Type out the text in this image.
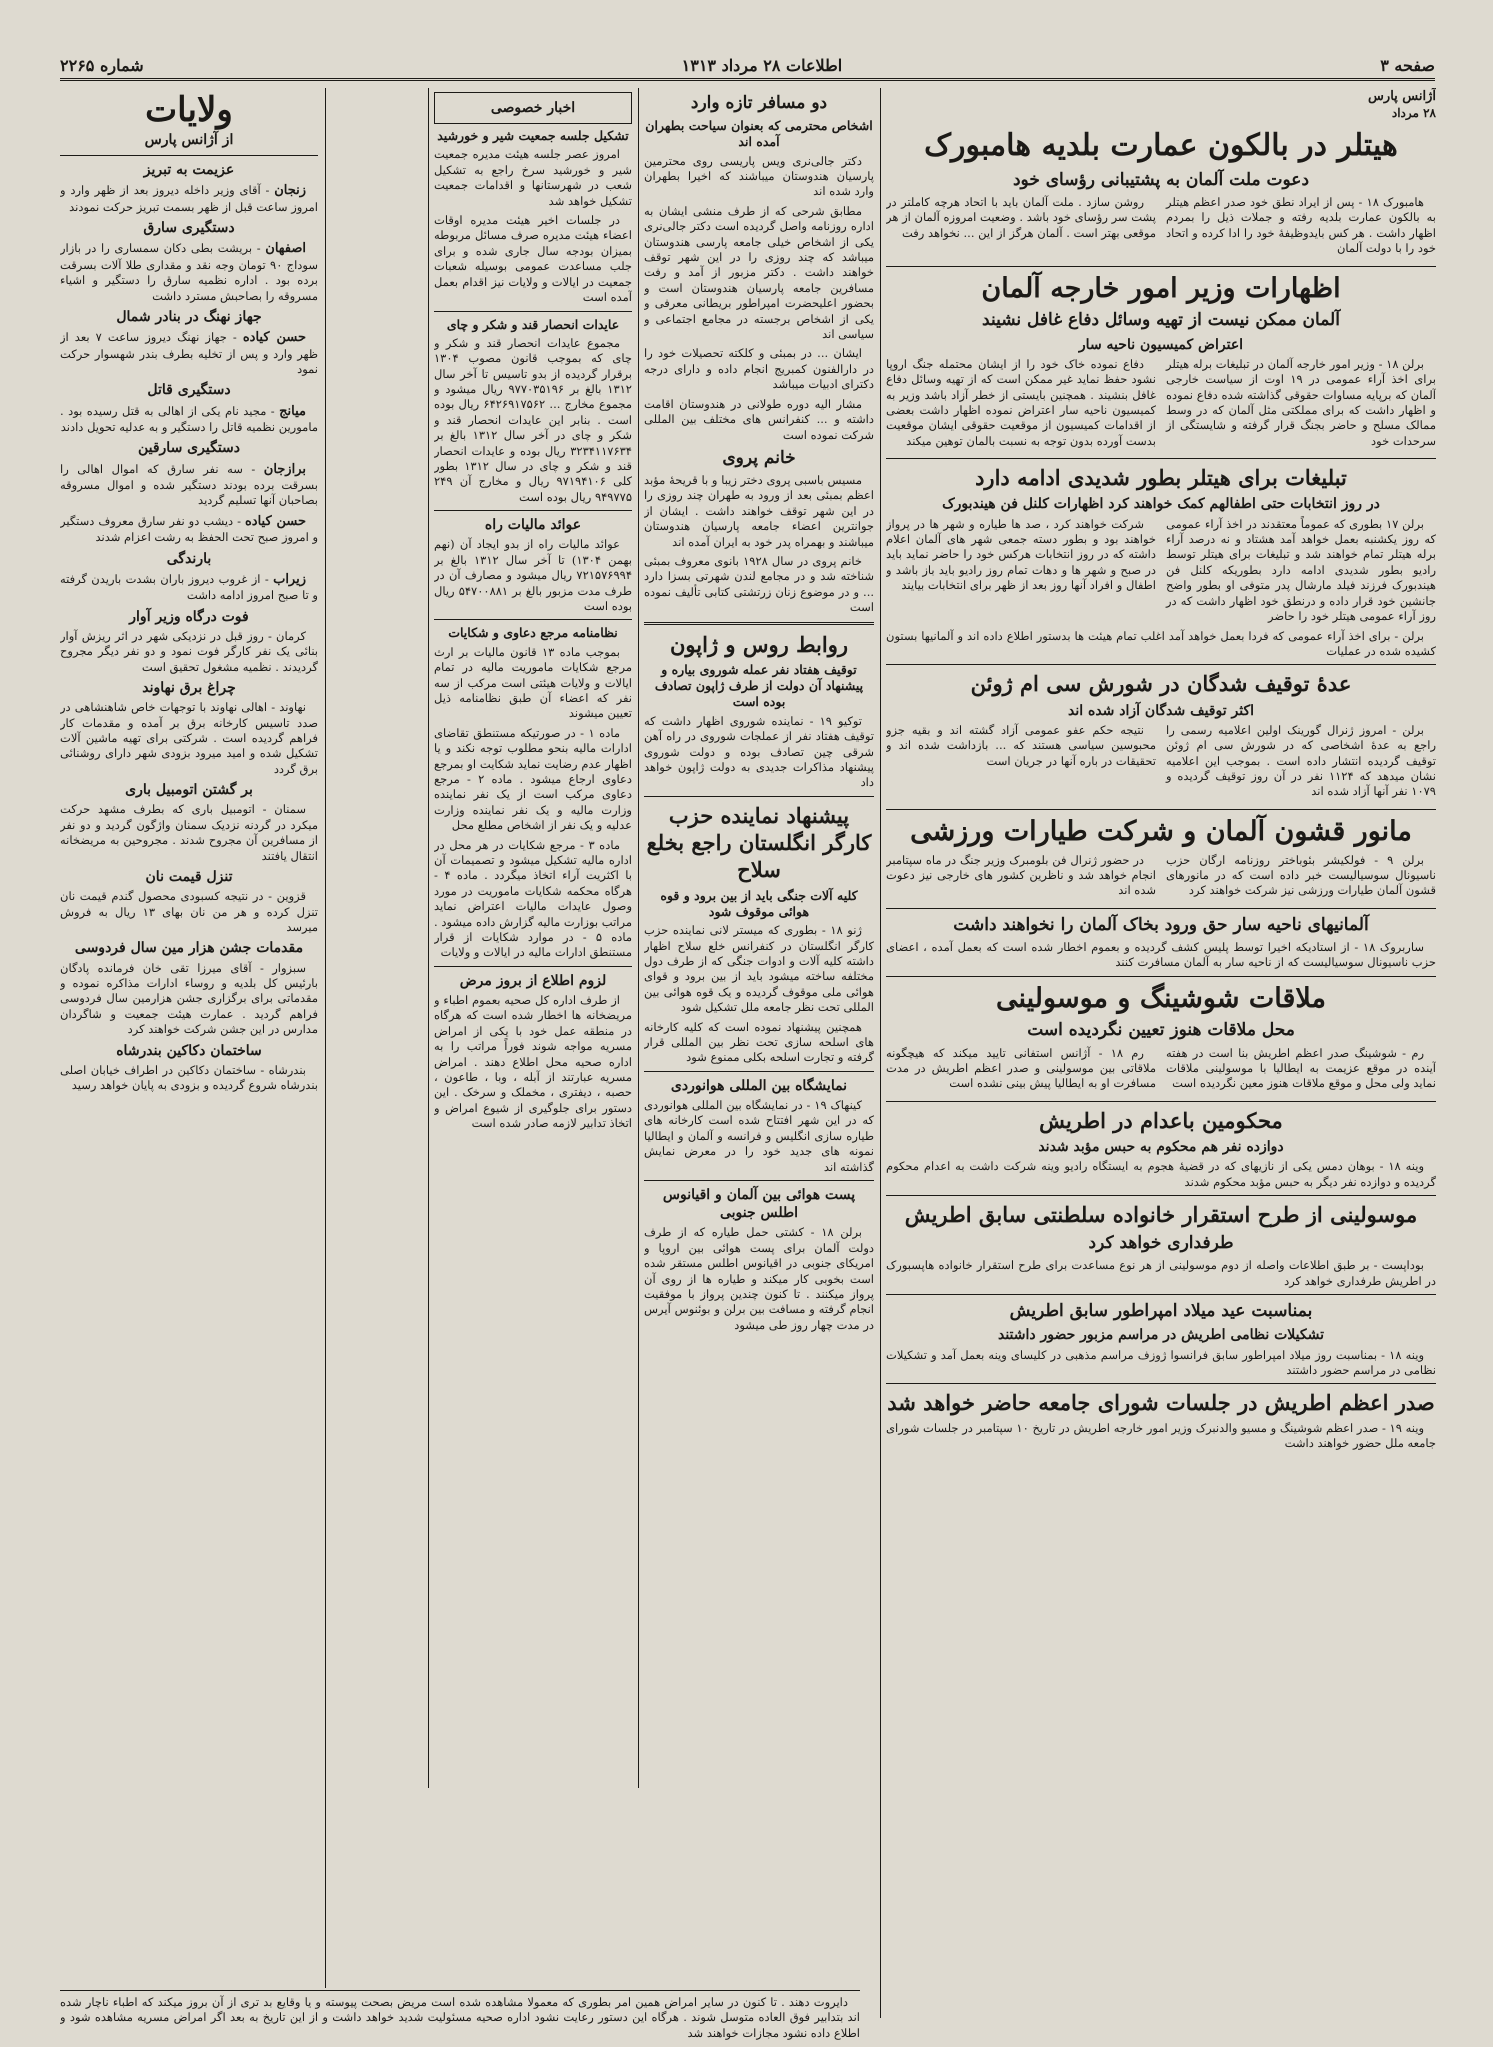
صفحه ۳
اطلاعات ۲۸ مرداد ۱۳۱۳
شماره ۲۲۶۵
آژانس پارس
۲۸ مرداد
هیتلر در بالکون عمارت بلدیه هامبورک
دعوت ملت آلمان به پشتیبانی رؤسای خود

هامبورک ۱۸ - پس از ایراد نطق خود صدر اعظم هیتلر به بالکون عمارت بلدیه رفته و جملات ذیل را بمردم اظهار داشت . هر کس بایدوظیفهٔ خود را ادا کرده و اتحاد خود را با دولت آلمان

روشن سازد . ملت آلمان باید با اتحاد هرچه کاملتر در پشت سر رؤسای خود باشد . وضعیت امروزه آلمان از هر موقعی بهتر است . آلمان هرگز از این ... نخواهد رفت

اظهارات وزیر امور خارجه آلمان
آلمان ممکن نیست از تهیه وسائل دفاع غافل نشیند
اعتراض کمیسیون ناحیه سار

برلن ۱۸ - وزیر امور خارجه آلمان در تبلیغات برله هیتلر برای اخذ آراء عمومی در ۱۹ اوت از سیاست خارجی آلمان که برپایه مساوات حقوقی گذاشته شده دفاع نموده و اظهار داشت که برای مملکتی مثل آلمان که در وسط ممالک مسلح و حاضر بجنگ قرار گرفته و شایستگی از سرحدات خود

دفاع نموده خاک خود را از ایشان محتمله جنگ اروپا نشود حفظ نماید غیر ممکن است که از تهیه وسائل دفاع غافل بنشیند . همچنین بایستی از خطر آزاد باشد وزیر به کمیسیون ناحیه سار اعتراض نموده اظهار داشت بعضی از اقدامات کمیسیون از موقعیت حقوقی ایشان موقعیت بدست آورده بدون توجه به نسبت بالمان توهین میکند

تبلیغات برای هیتلر بطور شدیدی ادامه دارد
در روز انتخابات حتی اطفالهم کمک خواهند کرد اظهارات کلنل فن هیندبورک

برلن ۱۷ بطوری که عموماً معتقدند در اخذ آراء عمومی که روز یکشنبه بعمل خواهد آمد هشتاد و نه درصد آراء برله هیتلر تمام خواهند شد و تبلیغات برای هیتلر توسط رادیو بطور شدیدی ادامه دارد بطوریکه کلنل فن هیندبورک فرزند فیلد مارشال پدر متوفی او بطور واضح جانشین خود قرار داده و درنطق خود اظهار داشت که در روز آراء عمومی هیتلر خود را حاضر

شرکت خواهند کرد ، صد ها طیاره و شهر ها در پرواز خواهند بود و بطور دسته جمعی شهر های آلمان اعلام داشته که در روز انتخابات هرکس خود را حاضر نماید باید در صبح و شهر ها و دهات تمام روز رادیو باید باز باشد و اطفال و افراد آنها روز بعد از ظهر برای انتخابات بیایند

برلن - برای اخذ آراء عمومی که فردا بعمل خواهد آمد اغلب تمام هیئت ها بدستور اطلاع داده اند و آلمانیها بستون کشیده شده در عملیات

عدهٔ توقیف شدگان در شورش سی ام ژوئن
اکثر توقیف شدگان آزاد شده اند

برلن - امروز ژنرال گورینک اولین اعلامیه رسمی را راجع به عدهٔ اشخاصی که در شورش سی ام ژوئن توقیف گردیده انتشار داده است . بموجب این اعلامیه نشان میدهد که ۱۱۲۴ نفر در آن روز توقیف گردیده و ۱۰۷۹ نفر آنها آزاد شده اند

نتیجه حکم عفو عمومی آزاد گشته اند و بقیه جزو محبوسین سیاسی هستند که ... بازداشت شده اند و تحقیقات در باره آنها در جریان است

مانور قشون آلمان و شرکت طیارات ورزشی

برلن ۹ - فولکیشر بئوباختر روزنامه ارگان حزب ناسیونال سوسیالیست خبر داده است که در مانورهای قشون آلمان طیارات ورزشی نیز شرکت خواهند کرد

در حضور ژنرال فن بلومبرک وزیر جنگ در ماه سپتامبر انجام خواهد شد و ناظرین کشور های خارجی نیز دعوت شده اند

آلمانیهای ناحیه سار حق ورود بخاک آلمان را نخواهند داشت

ساربروک ۱۸ - از استادیکه اخیرا توسط پلیس کشف گردیده و بعموم اخطار شده است که بعمل آمده ، اعضای حزب ناسیونال سوسیالیست که از ناحیه سار به آلمان مسافرت کنند

ملاقات شوشینگ و موسولینی
محل ملاقات هنوز تعیین نگردیده است

رم - شوشینگ صدر اعظم اطریش بنا است در هفته آینده در موقع عزیمت به ایطالیا با موسولینی ملاقات نماید ولی محل و موقع ملاقات هنوز معین نگردیده است

رم ۱۸ - آژانس استفانی تایید میکند که هیچگونه ملاقاتی بین موسولینی و صدر اعظم اطریش در مدت مسافرت او به ایطالیا پیش بینی نشده است

محکومین باعدام در اطریش
دوازده نفر هم محکوم به حبس مؤبد شدند

وینه ۱۸ - بوهان دمس یکی از نازیهای که در قضیهٔ هجوم به ایستگاه رادیو وینه شرکت داشت به اعدام محکوم گردیده و دوازده نفر دیگر به حبس مؤبد محکوم شدند

موسولینی از طرح استقرار خانواده سلطنتی سابق اطریش
طرفداری خواهد کرد

بوداپست - بر طبق اطلاعات واصله از دوم موسولینی از هر نوع مساعدت برای طرح استقرار خانواده هاپسبورک در اطریش طرفداری خواهد کرد

بمناسبت عید میلاد امپراطور سابق اطریش
تشکیلات نظامی اطریش در مراسم مزبور حضور داشتند

وینه ۱۸ - بمناسبت روز میلاد امپراطور سابق فرانسوا ژوزف مراسم مذهبی در کلیسای وینه بعمل آمد و تشکیلات نظامی در مراسم حضور داشتند

صدر اعظم اطریش در جلسات شورای جامعه حاضر خواهد شد

وینه ۱۹ - صدر اعظم شوشینگ و مسیو والدنبرک وزیر امور خارجه اطریش در تاریخ ۱۰ سپتامبر در جلسات شورای جامعه ملل حضور خواهند داشت

دو مسافر تازه وارد
اشخاص محترمی که بعنوان سیاحت بطهران آمده اند

دکتر جالی‌نری ویس‌ پاریسی روی محترمین پارسیان هندوستان میباشند که اخیرا بطهران وارد شده اند

مطابق شرحی که از طرف منشی ایشان به اداره روزنامه واصل گردیده است دکتر جالی‌نری یکی از اشخاص خیلی جامعه پارسی هندوستان میباشد که چند روزی را در این شهر توقف خواهند داشت . دکتر مزبور از آمد و رفت مسافرین جامعه پارسیان هندوستان است و بحضور اعلیحضرت امپراطور بریطانی معرفی و یکی از اشخاص برجسته در مجامع اجتماعی و سیاسی اند

ایشان ... در بمبئی و کلکته تحصیلات خود را در دارالفنون کمبریج انجام داده و دارای درجه دکترای ادبیات میباشد

مشار الیه دوره طولانی در هندوستان اقامت داشته و ... کنفرانس های مختلف بین المللی شرکت نموده است

خانم پروی

مسیس باسبی پروی دختر زیبا و با قریحهٔ مؤبد اعظم بمبئی بعد از ورود به طهران چند روزی را در این شهر توقف خواهند داشت . ایشان از جوانترین اعضاء جامعه پارسیان هندوستان میباشند و بهمراه پدر خود به ایران آمده اند

خانم پروی در سال ۱۹۲۸ بانوی معروف بمبئی شناخته شد و در مجامع لندن شهرتی بسزا دارد ... و در موضوع زنان زرتشتی کتابی تألیف نموده است

روابط روس و ژاپون
توقیف هفتاد نفر عمله شوروی بیاره و پیشنهاد آن دولت از طرف ژاپون تصادف بوده است

توکیو ۱۹ - نماینده شوروی اظهار داشت که توقیف هفتاد نفر از عملجات شوروی در راه آهن شرقی چین تصادف بوده و دولت شوروی پیشنهاد مذاکرات جدیدی به دولت ژاپون خواهد داد

پیشنهاد نماینده حزب کارگر انگلستان راجع بخلع سلاح
کلیه آلات جنگی باید از بین برود و قوه هوائی موقوف شود

ژنو ۱۸ - بطوری که میستر لانی نماینده حزب کارگر انگلستان در کنفرانس خلع سلاح اظهار داشته کلیه آلات و ادوات جنگی که از طرف دول مختلفه ساخته میشود باید از بین برود و قوای هوائی ملی موقوف گردیده و یک قوه هوائی بین المللی تحت نظر جامعه ملل تشکیل شود

همچنین پیشنهاد نموده است که کلیه کارخانه های اسلحه سازی تحت نظر بین المللی قرار گرفته و تجارت اسلحه بکلی ممنوع شود

نمایشگاه بین المللی هوانوردی

کینهاک ۱۹ - در نمایشگاه بین المللی هوانوردی که در این شهر افتتاح شده است کارخانه های طیاره سازی انگلیس و فرانسه و آلمان و ایطالیا نمونه های جدید خود را در معرض نمایش گذاشته اند

پست هوائی بین آلمان و اقیانوس اطلس جنوبی

برلن ۱۸ - کشتی حمل طیاره که از طرف دولت آلمان برای پست هوائی بین اروپا و امریکای جنوبی در اقیانوس اطلس مستقر شده است بخوبی کار میکند و طیاره ها از روی آن پرواز میکنند . تا کنون چندین پرواز با موفقیت انجام گرفته و مسافت بین برلن و بوئنوس آیرس در مدت چهار روز طی میشود

اخبار خصوصی
تشکیل جلسه جمعیت شیر و خورشید

امروز عصر جلسه هیئت مدیره جمعیت شیر و خورشید سرخ راجع به تشکیل شعب در شهرستانها و اقدامات جمعیت تشکیل خواهد شد

در جلسات اخیر هیئت مدیره اوقات اعضاء هیئت مدیره صرف مسائل مربوطه بمیزان بودجه سال جاری شده و برای جلب مساعدت عمومی بوسیله شعبات جمعیت در ایالات و ولایات نیز اقدام بعمل آمده است

عایدات انحصار قند و شکر و چای

مجموع عایدات انحصار قند و شکر و چای که بموجب قانون مصوب ۱۳۰۴ برقرار گردیده از بدو تاسیس تا آخر سال ۱۳۱۲ بالغ بر ۹۷۷۰۳۵۱۹۶ ریال میشود و مجموع مخارج ... ۶۴۲۶۹۱۷۵۶۲ ریال بوده است . بنابر این عایدات انحصار قند و شکر و چای در آخر سال ۱۳۱۲ بالغ بر ۳۲۳۴۱۱۷۶۳۴ ریال بوده و عایدات انحصار قند و شکر و چای در سال ۱۳۱۲ بطور کلی ۹۷۱۹۴۱۰۶ ریال و مخارج آن ۲۴۹ ۹۴۹۷۷۵ ریال بوده است

عوائد مالیات راه

عوائد مالیات راه از بدو ایجاد آن (نهم بهمن ۱۳۰۴) تا آخر سال ۱۳۱۲ بالغ بر ۷۲۱۵۷۶۹۹۴ ریال میشود و مصارف آن در طرف مدت مزبور بالغ بر ۵۴۷۰۰۸۸۱ ریال بوده است

نظامنامه مرجع دعاوی و شکایات

بموجب ماده ۱۳ قانون مالیات بر ارث مرجع شکایات ماموریت مالیه در تمام ایالات و ولایات هیئتی است مرکب از سه نفر که اعضاء آن طبق نظامنامه ذیل تعیین میشوند

ماده ۱ - در صورتیکه مستنطق تقاضای ادارات مالیه بنحو مطلوب توجه نکند و یا اظهار عدم رضایت نماید شکایت او بمرجع دعاوی ارجاع میشود . ماده ۲ - مرجع دعاوی مرکب است از یک نفر نماینده وزارت مالیه و یک نفر نماینده وزارت عدلیه و یک نفر از اشخاص مطلع محل

ماده ۳ - مرجع شکایات در هر محل در اداره مالیه تشکیل میشود و تصمیمات آن با اکثریت آراء اتخاذ میگردد . ماده ۴ - هرگاه محکمه شکایات ماموریت در مورد وصول عایدات مالیات اعتراض نماید مراتب بوزارت مالیه گزارش داده میشود . ماده ۵ - در موارد شکایات از قرار مستنطق ادارات مالیه در ایالات و ولایات

لزوم اطلاع از بروز مرض

از طرف اداره کل صحیه بعموم اطباء و مریضخانه ها اخطار شده است که هرگاه در منطقه عمل خود با یکی از امراض مسریه مواجه شوند فوراً مراتب را به اداره صحیه محل اطلاع دهند . امراض مسریه عبارتند از آبله ، وبا ، طاعون ، حصبه ، دیفتری ، مخملک و سرخک . این دستور برای جلوگیری از شیوع امراض و اتخاذ تدابیر لازمه صادر شده است

ولایات
از آژانس پارس
عزیمت به تبریز

زنجان - آقای وزیر داخله دیروز بعد از ظهر وارد و امروز ساعت قبل از ظهر بسمت تبریز حرکت نمودند

دستگیری سارق

اصفهان - بریشت بطی دکان سمساری را در بازار سوداج ۹۰ تومان وجه نقد و مقداری طلا آلات بسرقت برده بود . اداره نظمیه سارق را دستگیر و اشیاء مسروقه را بصاحبش مسترد داشت

جهاز نهنگ در بنادر شمال

حسن کیاده - جهاز نهنگ دیروز ساعت ۷ بعد از ظهر وارد و پس از تخلیه بطرف بندر شهسوار حرکت نمود

دستگیری قاتل

میانج - مجید نام یکی از اهالی به قتل رسیده بود . مامورین نظمیه قاتل را دستگیر و به عدلیه تحویل دادند

دستگیری سارقین

برازجان - سه نفر سارق که اموال اهالی را بسرقت برده بودند دستگیر شده و اموال مسروقه بصاحبان آنها تسلیم گردید

حسن کیاده - دیشب دو نفر سارق معروف دستگیر و امروز صبح تحت الحفظ به رشت اعزام شدند

بارندگی

زیراب - از غروب دیروز باران بشدت باریدن گرفته و تا صبح امروز ادامه داشت

فوت درگاه وزیر آوار

کرمان - روز قبل در نزدیکی شهر در اثر ریزش آوار بنائی یک نفر کارگر فوت نمود و دو نفر دیگر مجروح گردیدند . نظمیه مشغول تحقیق است

چراغ برق نهاوند

نهاوند - اهالی نهاوند با توجهات خاص شاهنشاهی در صدد تاسیس کارخانه برق بر آمده و مقدمات کار فراهم گردیده است . شرکتی برای تهیه ماشین آلات تشکیل شده و امید میرود بزودی شهر دارای روشنائی برق گردد

بر گشتن اتومبیل باری

سمنان - اتومبیل باری که بطرف مشهد حرکت میکرد در گردنه نزدیک سمنان واژگون گردید و دو نفر از مسافرین آن مجروح شدند . مجروحین به مریضخانه انتقال یافتند

تنزل قیمت نان

قزوین - در نتیجه کسبودی محصول گندم قیمت نان تنزل کرده و هر من نان بهای ۱۳ ریال به فروش میرسد

مقدمات جشن هزار مین سال فردوسی

سبزوار - آقای میرزا تقی خان فرمانده پادگان بارئیس کل بلدیه و روساء ادارات مذاکره نموده و مقدماتی برای برگزاری جشن هزارمین سال فردوسی فراهم گردید . عمارت هیئت جمعیت و شاگردان مدارس در این جشن شرکت خواهند کرد

ساختمان دکاکین بندرشاه

بندرشاه - ساختمان دکاکین در اطراف خیابان اصلی بندرشاه شروع گردیده و بزودی به پایان خواهد رسید

دایروت دهند . تا کنون در سایر امراض همین امر بطوری که معمولا مشاهده شده است مریض بصحت پیوسته و یا وقایع بد تری از آن بروز میکند که اطباء ناچار شده اند بتدابیر فوق العاده متوسل شوند . هرگاه این دستور رعایت نشود اداره صحیه مسئولیت شدید خواهد داشت و از این تاریخ به بعد اگر امراض مسریه مشاهده شود و اطلاع داده نشود مجازات خواهند شد
